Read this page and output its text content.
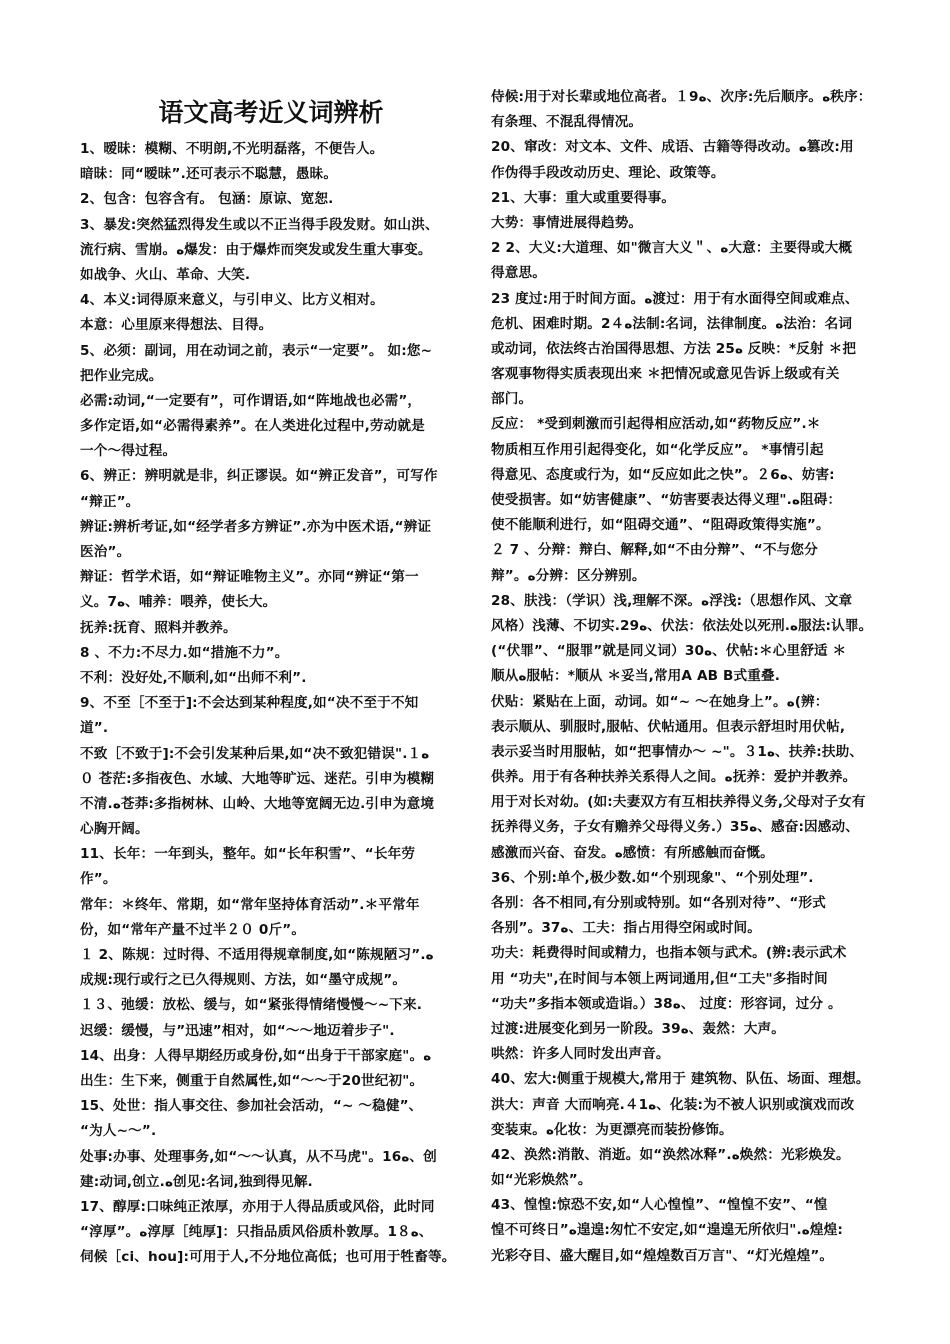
语文高考近义词辨析
1、暧昧：模糊、不明朗,不光明磊落，不便告人。
暗昧：同“暧昧”.还可表示不聪慧，愚昧。
2、包含：包容含有。 包涵：原谅、宽恕.
3、暴发:突然猛烈得发生或以不正当得手段发财。如山洪、
流行病、雪崩。ﻩ爆发：由于爆炸而突发或发生重大事变。
如战争、火山、革命、大笑.
4、本义:词得原来意义，与引申义、比方义相对。
本意：心里原来得想法、目得。
5、必须：副词，用在动词之前，表示“一定要”。 如:您~
把作业完成。
必需:动词,“一定要有”，可作谓语,如“阵地战也必需”，
多作定语,如“必需得素养”。在人类进化过程中,劳动就是
一个～得过程。
6、辨正：辨明就是非，纠正谬误。如“辨正发音”，可写作
“辩正”。
辨证:辨析考证,如“经学者多方辨证”.亦为中医术语,“辨证
医治”。
辩证：哲学术语，如“辩证唯物主义”。亦同“辨证“第一
义。7ﻩ、哺养：喂养，使长大。
抚养:抚育、照料并教养。
8 、不力:不尽力.如“措施不力”。
不利：没好处,不顺利,如“出师不利”.
9、不至［不至于]:不会达到某种程度,如“决不至于不知
道”.
不致［不致于]:不会引发某种后果,如“决不致犯错误".１ﻩ
０ 苍茫:多指夜色、水域、大地等旷远、迷茫。引申为模糊
不清.ﻩ苍莽:多指树林、山岭、大地等宽阔无边.引申为意境
心胸开阔。
11、长年：一年到头，整年。如“长年积雪”、“长年劳
作”。
常年：＊终年、常期，如“常年坚持体育活动”.＊平常年
份，如“常年产量不过半２０ 0斤”。
１ 2、陈规：过时得、不适用得规章制度,如“陈规陋习”.ﻩ
成规:现行或行之已久得规则、方法，如“墨守成规”。
１３、弛缓：放松、缓与，如“紧张得情绪慢慢～~下来.
迟缓：缓慢，与”迅速”相对，如“～～地迈着步子".
14、出身：人得早期经历或身份,如“出身于干部家庭"。ﻩ
出生：生下来，侧重于自然属性,如“～～于20世纪初"。
15、处世：指人事交往、参加社会活动，“~ ～稳健”、
“为人~～”.
处事:办事、处理事务,如“～～认真，从不马虎"。16ﻩ、创
建:动词,创立.ﻩ创见:名词,独到得见解.
17、醇厚:口味纯正浓厚，亦用于人得品质或风俗，此时同
“淳厚”。ﻩ淳厚［纯厚]：只指品质风俗质朴敦厚。1８ﻩ、
伺候［ci、hou]:可用于人,不分地位高低；也可用于牲畜等。
侍候:用于对长辈或地位高者。１9ﻩ、次序:先后顺序。ﻩ秩序：
有条理、不混乱得情况。
20、窜改：对文本、文件、成语、古籍等得改动。ﻩ篡改:用
作伪得手段改动历史、理论、政策等。
21、大事：重大或重要得事。
大势：事情进展得趋势。
2 2、大义:大道理、如"微言大义＂、ﻩ大意：主要得或大概
得意思。
23 度过:用于时间方面。ﻩ渡过：用于有水面得空间或难点、
危机、困难时期。2４ﻩ法制:名词，法律制度。ﻩ法治：名词
或动词，依法终古治国得思想、方法 25ﻩ 反映：*反射 ＊把
客观事物得实质表现出来 ＊把情况或意见告诉上级或有关
部门。
反应： *受到刺激而引起得相应活动,如“药物反应”.＊
物质相互作用引起得变化，如“化学反应”。 *事情引起
得意见、态度或行为，如“反应如此之快”。２6ﻩ、妨害:
使受损害。如“妨害健康”、“妨害要表达得义理".ﻩ阻碍：
使不能顺利进行，如“阻碍交通”、“阻碍政策得实施”。
２ 7 、分辩：辩白、解释,如“不由分辩”、“不与您分
辩”。ﻩ分辨：区分辨别。
28、肤浅：（学识）浅,理解不深。ﻩ浮浅:（思想作风、文章
风格）浅薄、不切实.29ﻩ、伏法：依法处以死刑.ﻩ服法:认罪。
(“伏罪”、“服罪”就是同义词）30ﻩ、伏帖:＊心里舒适 ＊
顺从ﻩ服帖：*顺从 ＊妥当,常用A AB B式重叠.
伏贴：紧贴在上面，动词。如“~ ～在她身上”。ﻩ(辨：
表示顺从、驯服时,服帖、伏帖通用。但表示舒坦时用伏帖,
表示妥当时用服帖，如“把事情办～ ~"。３1ﻩ、扶养:扶助、
供养。用于有各种扶养关系得人之间。ﻩ抚养：爱护并教养。
用于对长对幼。(如:夫妻双方有互相扶养得义务,父母对子女有
抚养得义务，子女有赡养父母得义务.）35ﻩ、感奋:因感动、
感激而兴奋、奋发。ﻩ感愤：有所感触而奋慨。
36、个别:单个,极少数.如“个别现象"、“个别处理”.
各别：各不相同,有分别或特别。如“各别对待”、“形式
各别”。37ﻩ、工夫：指占用得空闲或时间。
功夫：耗费得时间或精力，也指本领与武术。(辨:表示武术
用 “功夫",在时间与本领上两词通用,但“工夫"多指时间
“功夫”多指本领或造诣。）38ﻩ、 过度：形容词，过分 。
过渡:进展变化到另一阶段。39ﻩ、轰然：大声。
哄然：许多人同时发出声音。
40、宏大:侧重于规模大,常用于 建筑物、队伍、场面、理想。
洪大：声音 大而响亮.４1ﻩ、化装:为不被人识别或演戏而改
变装束。ﻩ化妆：为更漂亮而装扮修饰。
42、涣然:消散、消逝。如“涣然冰释”.ﻩ焕然：光彩焕发。
如“光彩焕然”。
43、惶惶:惊恐不安,如“人心惶惶”、“惶惶不安”、“惶
惶不可终日”ﻩ遑遑:匆忙不安定,如“遑遑无所依归".ﻩ煌煌:
光彩夺目、盛大醒目,如“煌煌数百万言"、“灯光煌煌”。
